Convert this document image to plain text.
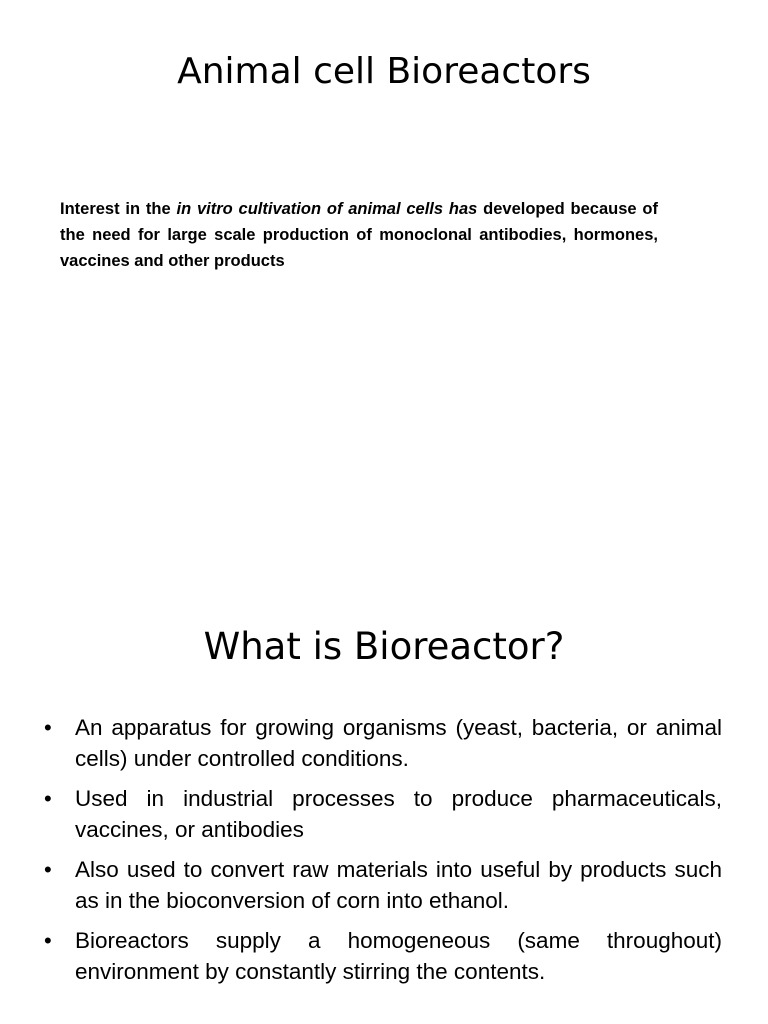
Animal cell Bioreactors

Interest in the in vitro cultivation of animal cells has developed because of the need for large scale production of monoclonal antibodies, hormones, vaccines and other products

What is Bioreactor?
• An apparatus for growing organisms (yeast, bacteria, or animal cells) under controlled conditions.
• Used in industrial processes to produce pharmaceuticals, vaccines, or antibodies
• Also used to convert raw materials into useful by products such as in the bioconversion of corn into ethanol.
• Bioreactors supply a homogeneous (same throughout) environment by constantly stirring the contents.
